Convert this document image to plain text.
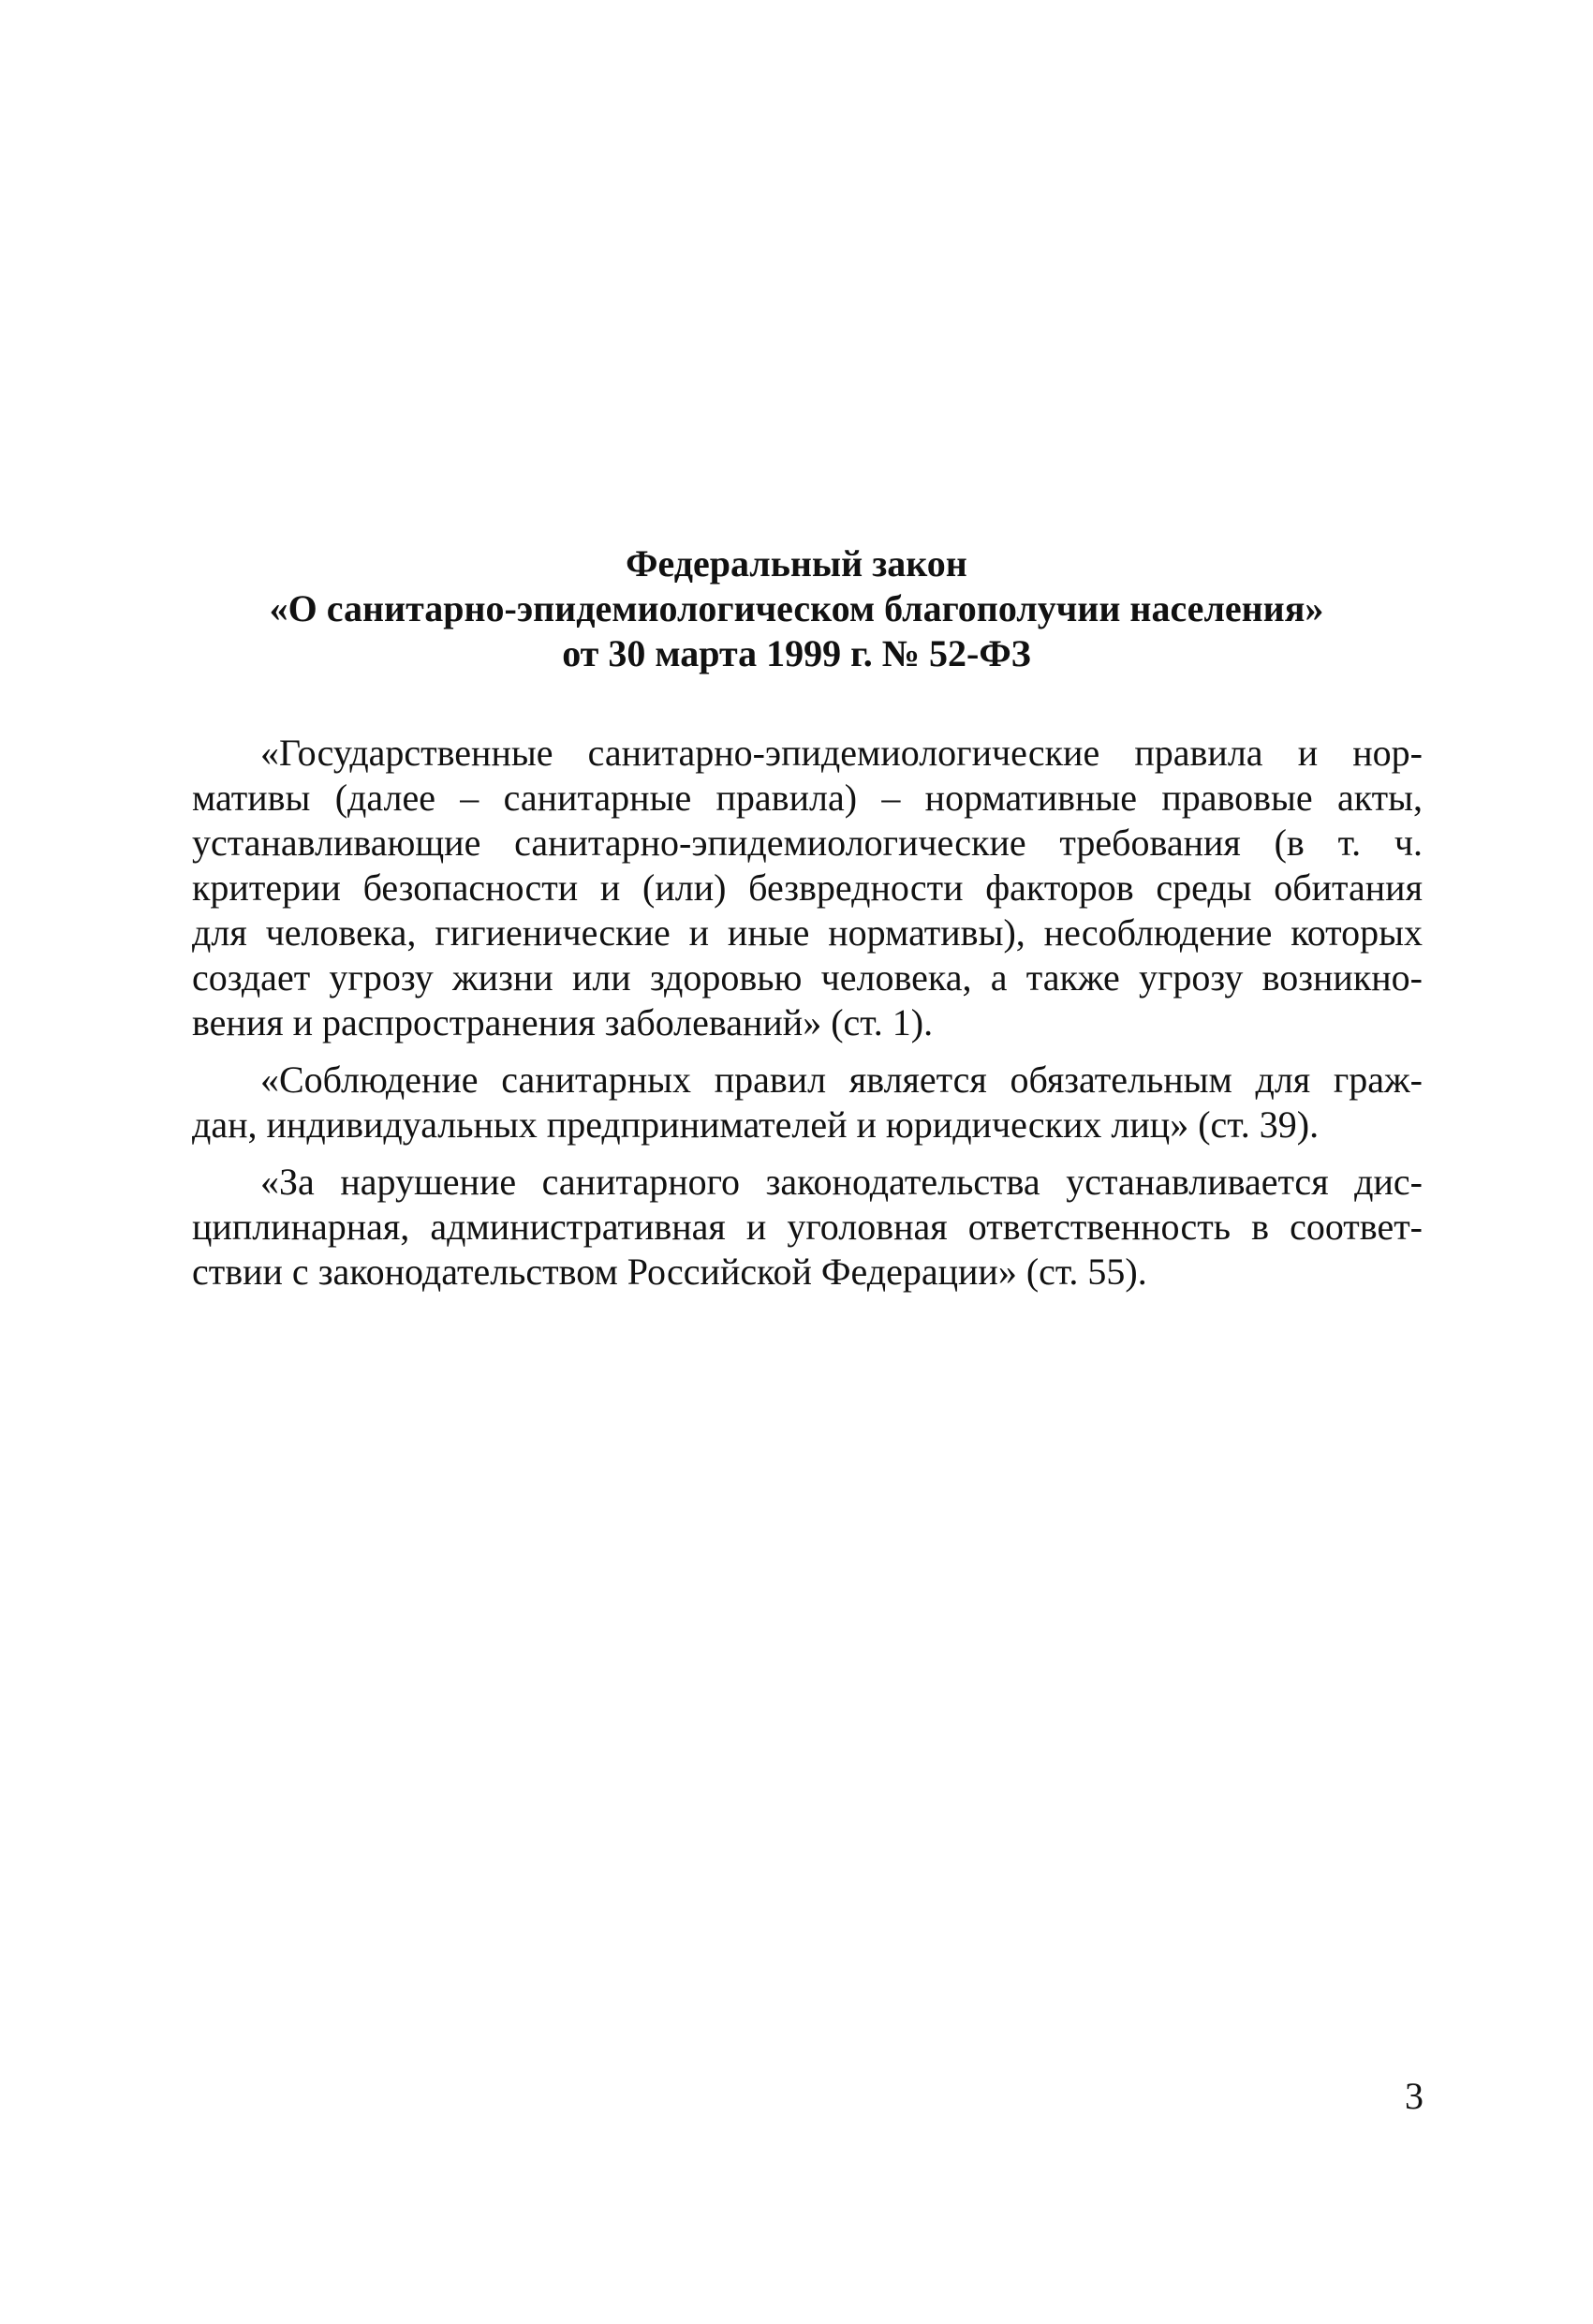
Федеральный закон
«О санитарно-эпидемиологическом благополучии населения»
от 30 марта 1999 г. № 52-ФЗ
«Государственные санитарно-эпидемиологические правила и нор-
мативы (далее – санитарные правила) – нормативные правовые акты,
устанавливающие санитарно-эпидемиологические требования (в т. ч.
критерии безопасности и (или) безвредности факторов среды обитания
для человека, гигиенические и иные нормативы), несоблюдение которых
создает угрозу жизни или здоровью человека, а также угрозу возникно-
вения и распространения заболеваний» (ст. 1).
«Соблюдение санитарных правил является обязательным для граж-
дан, индивидуальных предпринимателей и юридических лиц» (ст. 39).
«За нарушение санитарного законодательства устанавливается дис-
циплинарная, административная и уголовная ответственность в соответ-
ствии с законодательством Российской Федерации» (ст. 55).
3
